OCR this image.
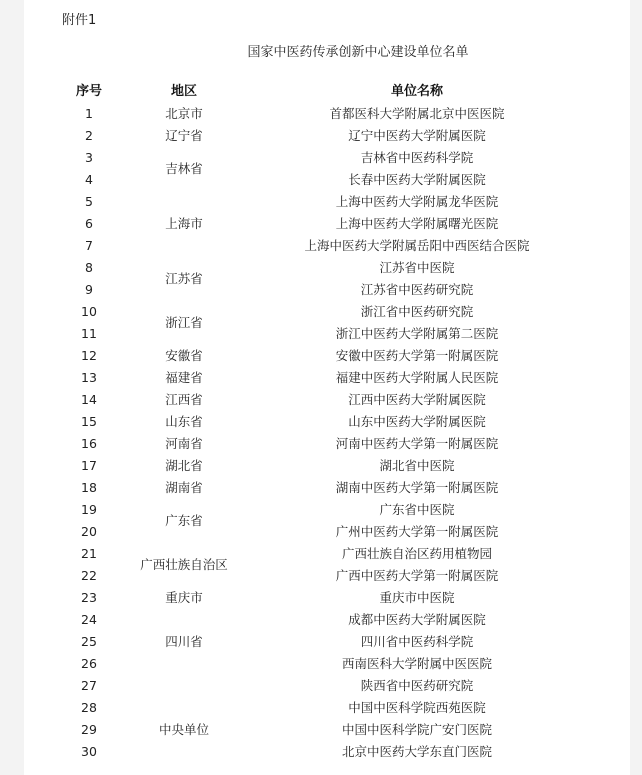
附件1
国家中医药传承创新中心建设单位名单
序号	地区	单位名称
1	北京市	首都医科大学附属北京中医医院
2	辽宁省	辽宁中医药大学附属医院
3	吉林省	吉林省中医药科学院
4		长春中医药大学附属医院
5	上海市	上海中医药大学附属龙华医院
6		上海中医药大学附属曙光医院
7		上海中医药大学附属岳阳中西医结合医院
8	江苏省	江苏省中医院
9		江苏省中医药研究院
10	浙江省	浙江省中医药研究院
11		浙江中医药大学附属第二医院
12	安徽省	安徽中医药大学第一附属医院
13	福建省	福建中医药大学附属人民医院
14	江西省	江西中医药大学附属医院
15	山东省	山东中医药大学附属医院
16	河南省	河南中医药大学第一附属医院
17	湖北省	湖北省中医院
18	湖南省	湖南中医药大学第一附属医院
19	广东省	广东省中医院
20		广州中医药大学第一附属医院
21	广西壮族自治区	广西壮族自治区药用植物园
22		广西中医药大学第一附属医院
23	重庆市	重庆市中医院
24	四川省	成都中医药大学附属医院
25		四川省中医药科学院
26		西南医科大学附属中医医院
27		陕西省中医药研究院
28	中央单位	中国中医科学院西苑医院
29		中国中医科学院广安门医院
30		北京中医药大学东直门医院
